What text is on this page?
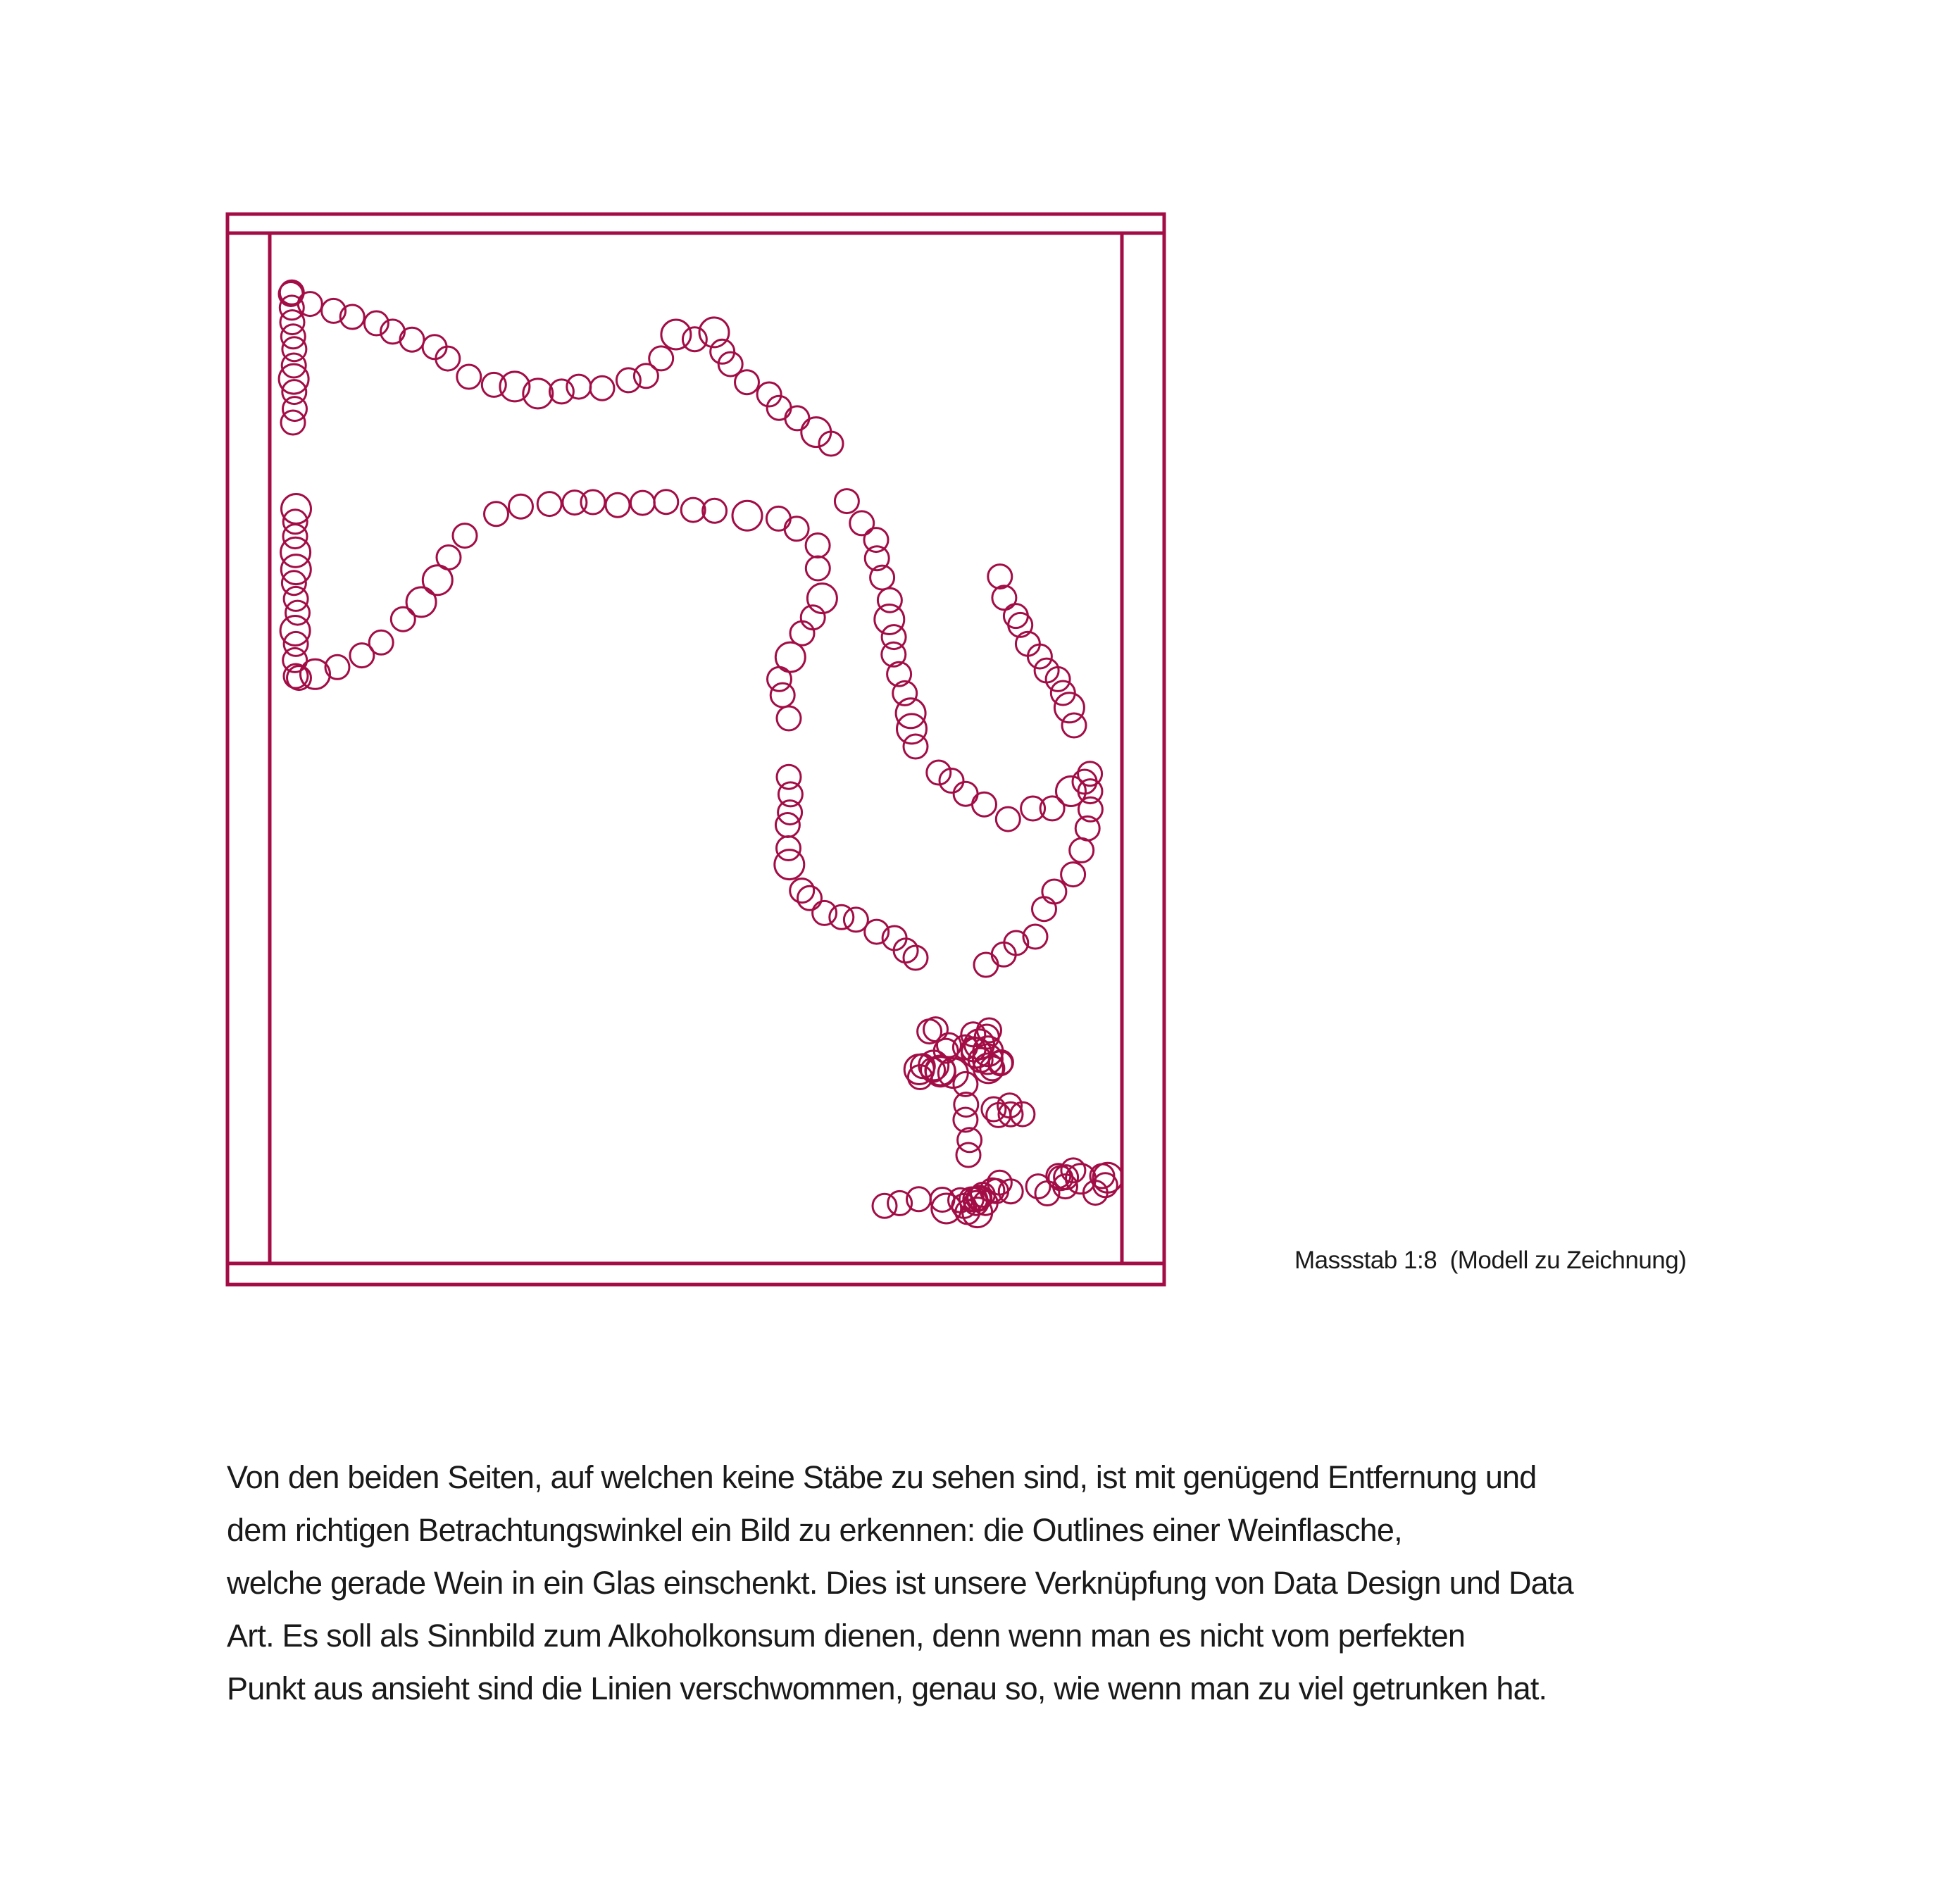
Massstab 1:8  (Modell zu Zeichnung)
Von den beiden Seiten, auf welchen keine Stäbe zu sehen sind, ist mit genügend Entfernung und
dem richtigen Betrachtungswinkel ein Bild zu erkennen: die Outlines einer Weinflasche,
welche gerade Wein in ein Glas einschenkt. Dies ist unsere Verknüpfung von Data Design und Data
Art. Es soll als Sinnbild zum Alkoholkonsum dienen, denn wenn man es nicht vom perfekten
Punkt aus ansieht sind die Linien verschwommen, genau so, wie wenn man zu viel getrunken hat.
